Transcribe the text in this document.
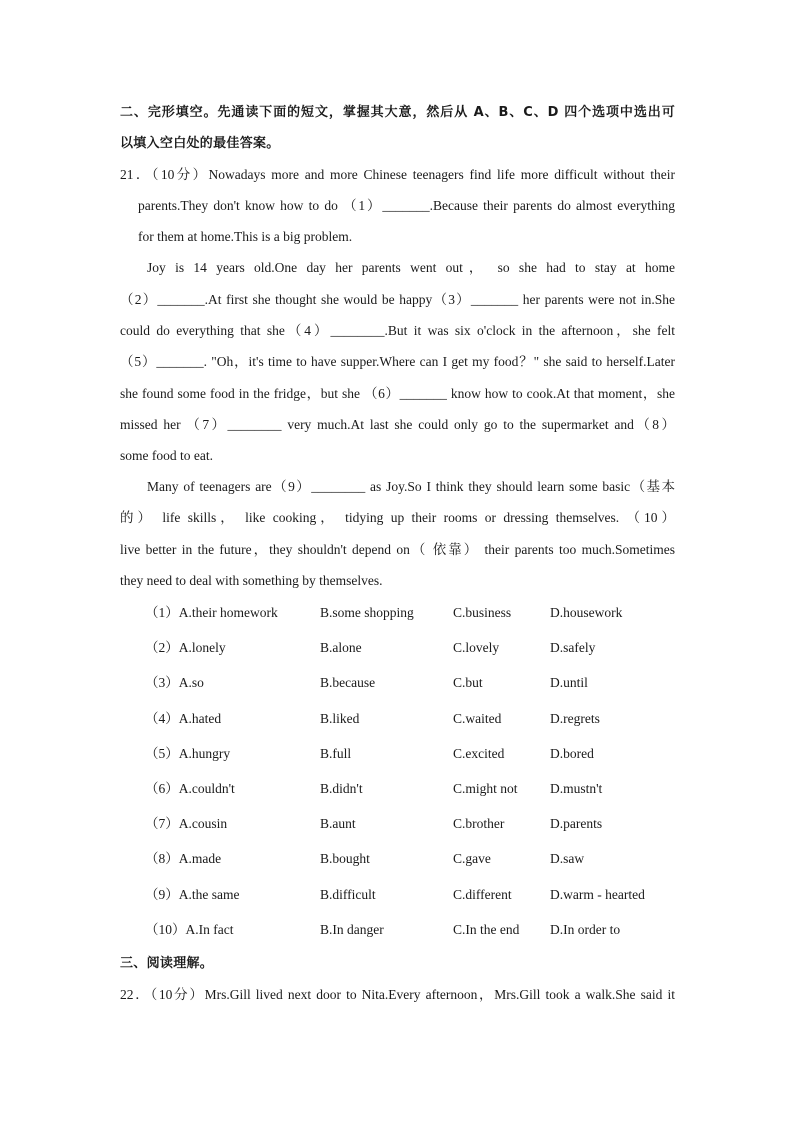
二、完形填空。先通读下面的短文，掌握其大意，然后从 A、B、C、D 四个选项中选出可
以填入空白处的最佳答案。
21．（10分）Nowadays more and more Chinese teenagers find life more difficult without their
parents.They don't know how to do （1）_______.Because their parents do almost everything
for them at home.This is a big problem.
Joy is 14 years old.One day her parents went out， so she had to stay at home
（2）_______.At first she thought she would be happy（3）_______ her parents were not in.She
could do everything that she（4）________.But it was six o'clock in the afternoon，she felt
（5）_______. "Oh，it's time to have supper.Where can I get my food？" she said to herself.Later
she found some food in the fridge，but she （6）_______ know how to cook.At that moment，she
missed her （7）________ very much.At last she could only go to the supermarket and（8）
some food to eat.
Many of teenagers are（9）________ as Joy.So I think they should learn some basic（基本
的） life skills， like cooking， tidying up their rooms or dressing themselves. （10）
live better in the future，they shouldn't depend on（ 依靠） their parents too much.Sometimes
they need to deal with something by themselves.
（1）A.their homework	B.some shopping	C.business	D.housework
（2）A.lonely	B.alone	C.lovely	D.safely
（3）A.so	B.because	C.but	D.until
（4）A.hated	B.liked	C.waited	D.regrets
（5）A.hungry	B.full	C.excited	D.bored
（6）A.couldn't	B.didn't	C.might not D.mustn't
（7）A.cousin	B.aunt	C.brother	D.parents
（8）A.made	B.bought	C.gave	D.saw
（9）A.the same	B.difficult	C.different	D.warm - hearted
（10）A.In fact	B.In danger	C.In the end D.In order to
三、阅读理解。
22．（10分）Mrs.Gill lived next door to Nita.Every afternoon，Mrs.Gill took a walk.She said it
